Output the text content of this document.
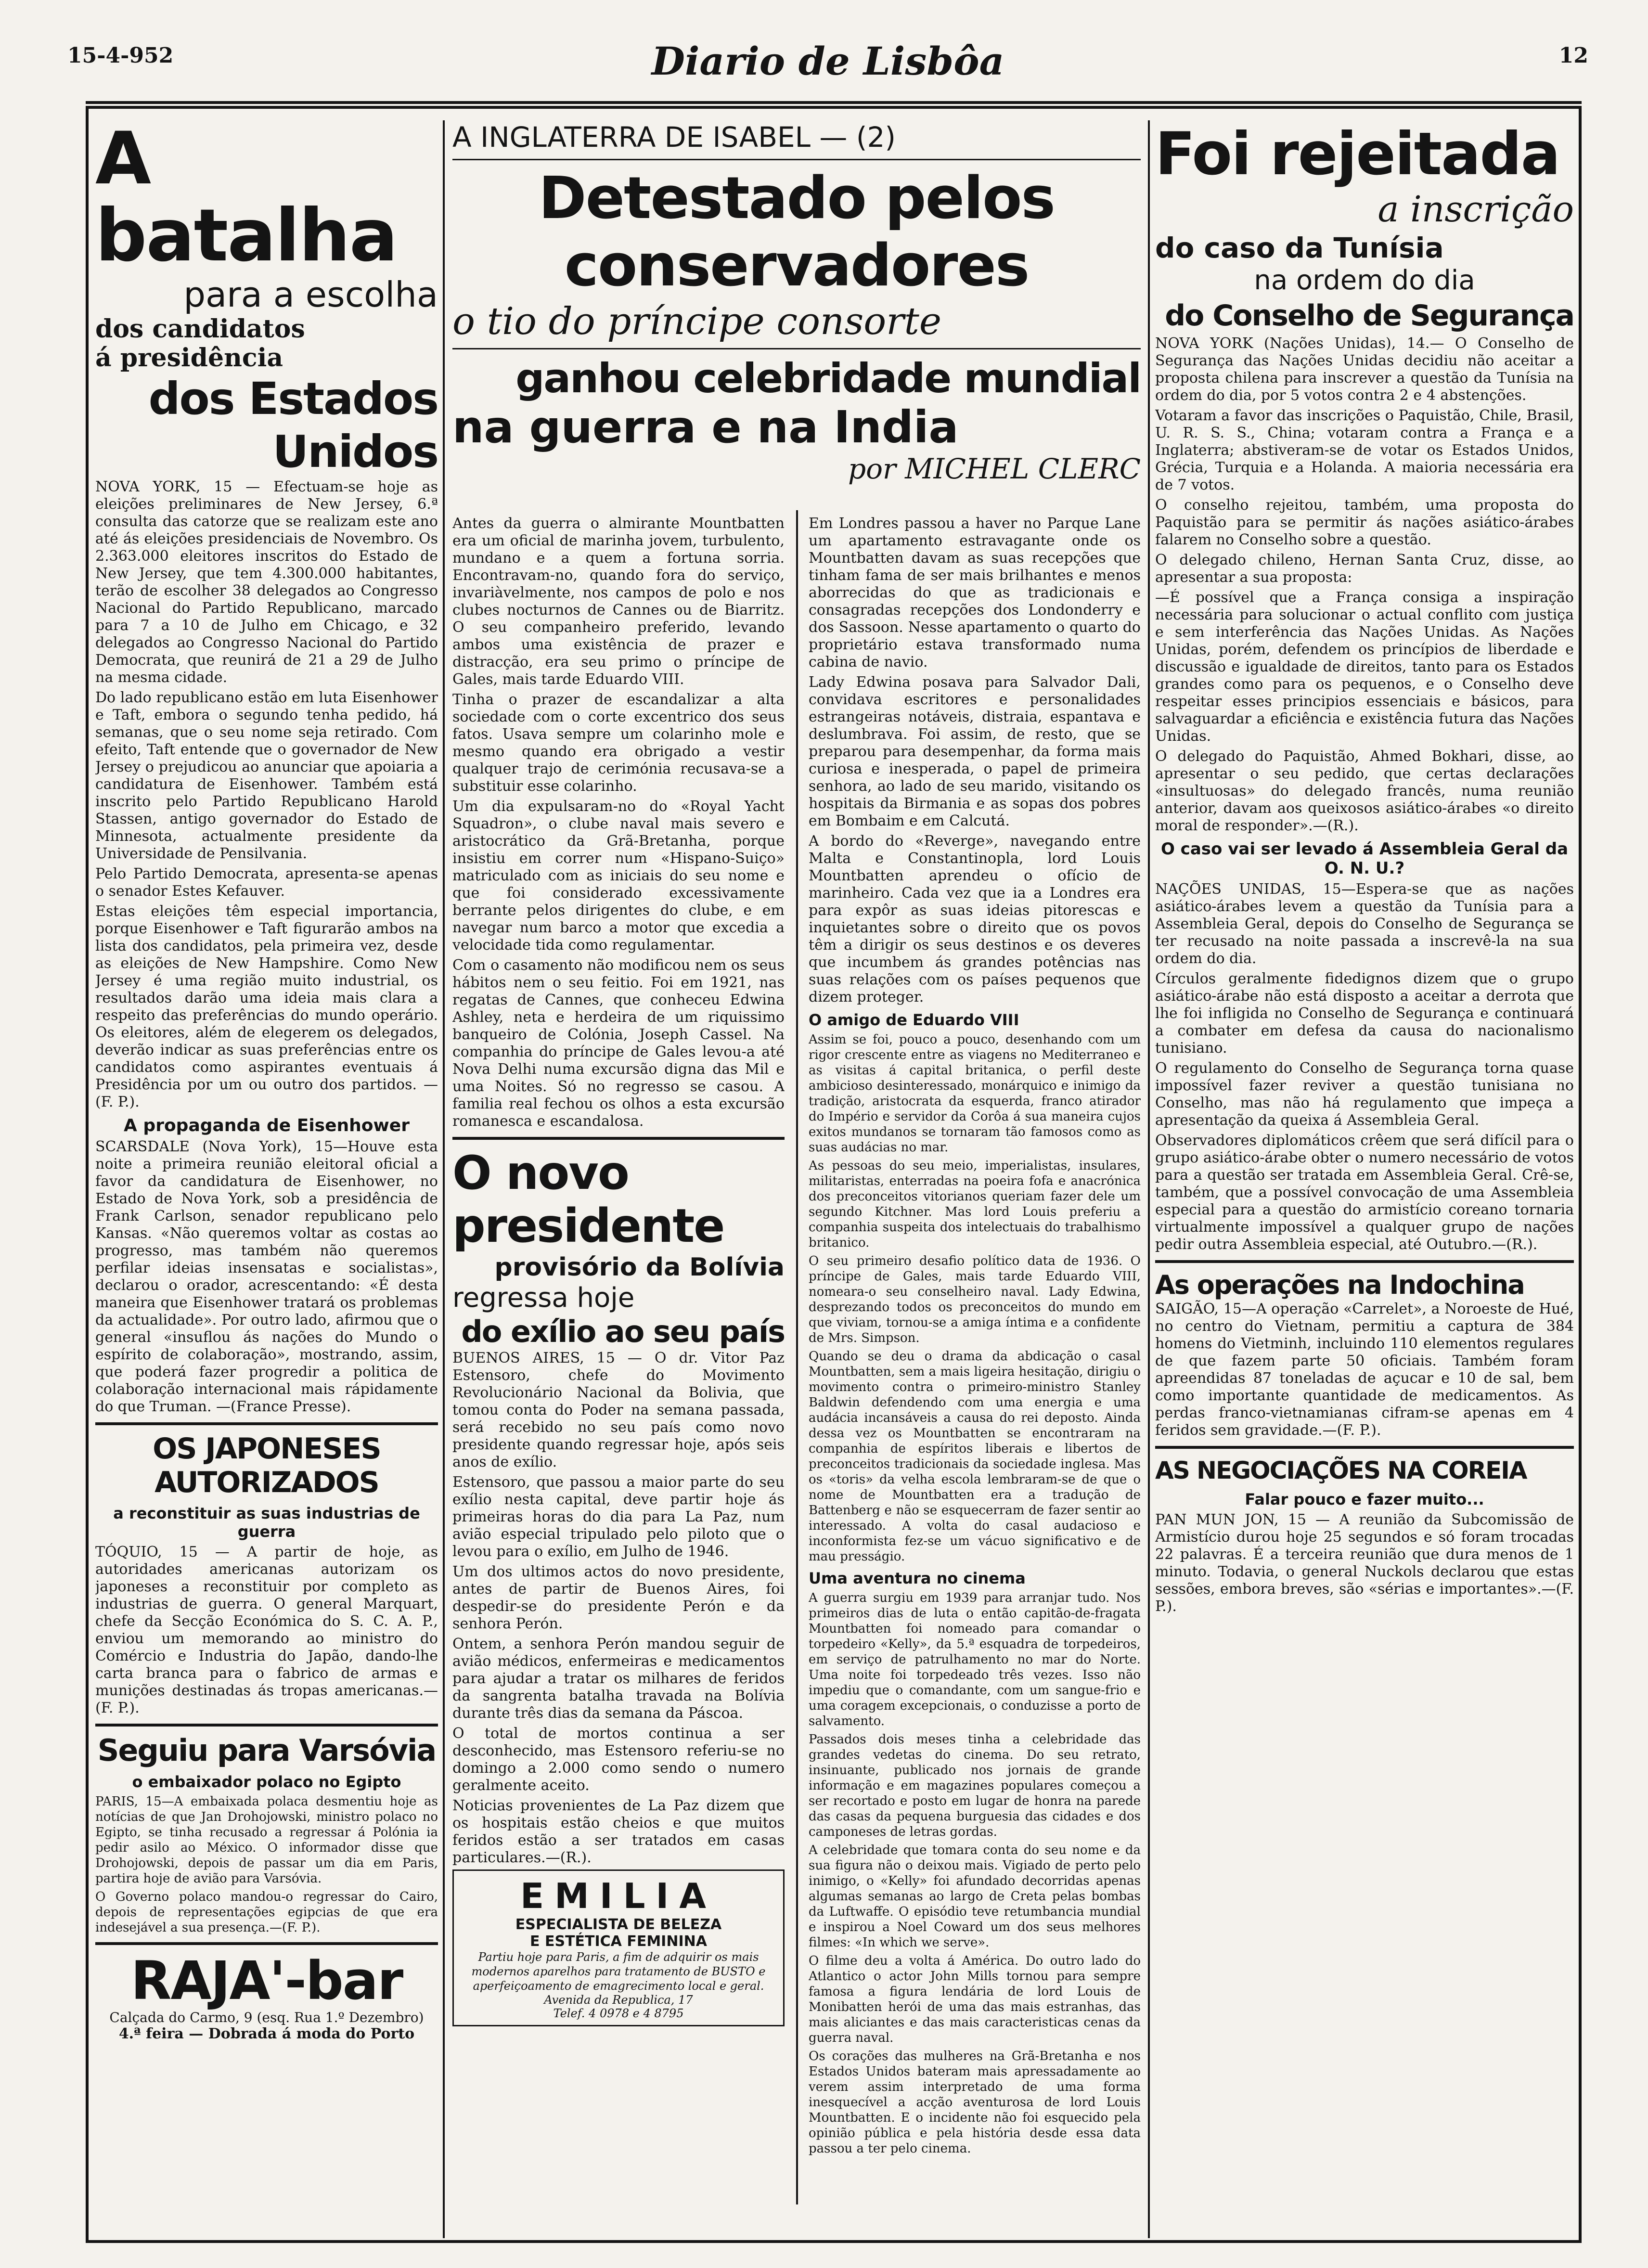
15-4-952	Diario de Lisbôa	12
A batalha
para a escolha
dos candidatos
á presidência
dos Estados Unidos

NOVA YORK, 15 — Efectuam-se hoje as eleições preliminares de New Jersey, 6.ª consulta das catorze que se realizam este ano até ás eleições presidenciais de Novembro. Os 2.363.000 eleitores inscritos do Estado de New Jersey, que tem 4.300.000 habitantes, terão de escolher 38 delegados ao Congresso Nacional do Partido Republicano, marcado para 7 a 10 de Julho em Chicago, e 32 delegados ao Congresso Nacional do Partido Democrata, que reunirá de 21 a 29 de Julho na mesma cidade.

Do lado republicano estão em luta Eisenhower e Taft, embora o segundo tenha pedido, há semanas, que o seu nome seja retirado. Com efeito, Taft entende que o governador de New Jersey o prejudicou ao anunciar que apoiaria a candidatura de Eisenhower. Também está inscrito pelo Partido Republicano Harold Stassen, antigo governador do Estado de Minnesota, actualmente presidente da Universidade de Pensilvania.

Pelo Partido Democrata, apresenta-se apenas o senador Estes Kefauver.

Estas eleições têm especial importancia, porque Eisenhower e Taft figurarão ambos na lista dos candidatos, pela primeira vez, desde as eleições de New Hampshire. Como New Jersey é uma região muito industrial, os resultados darão uma ideia mais clara a respeito das preferências do mundo operário. Os eleitores, além de elegerem os delegados, deverão indicar as suas preferências entre os candidatos como aspirantes eventuais á Presidência por um ou outro dos partidos. —(F. P.).

A propaganda de Eisenhower

SCARSDALE (Nova York), 15—Houve esta noite a primeira reunião eleitoral oficial a favor da candidatura de Eisenhower, no Estado de Nova York, sob a presidência de Frank Carlson, senador republicano pelo Kansas. «Não queremos voltar as costas ao progresso, mas também não queremos perfilar ideias insensatas e socialistas», declarou o orador, acrescentando: «É desta maneira que Eisenhower tratará os problemas da actualidade». Por outro lado, afirmou que o general «insuflou ás nações do Mundo o espírito de colaboração», mostrando, assim, que poderá fazer progredir a politica de colaboração internacional mais rápidamente do que Truman. —(France Presse).

OS JAPONESES AUTORIZADOS
a reconstituir as suas industrias de guerra

TÓQUIO, 15 — A partir de hoje, as autoridades americanas autorizam os japoneses a reconstituir por completo as industrias de guerra. O general Marquart, chefe da Secção Económica do S. C. A. P., enviou um memorando ao ministro do Comércio e Industria do Japão, dando-lhe carta branca para o fabrico de armas e munições destinadas ás tropas americanas.—(F. P.).

Seguiu para Varsóvia
o embaixador polaco no Egipto

PARIS, 15—A embaixada polaca desmentiu hoje as notícias de que Jan Drohojowski, ministro polaco no Egipto, se tinha recusado a regressar á Polónia ia pedir asilo ao México. O informador disse que Drohojowski, depois de passar um dia em Paris, partira hoje de avião para Varsóvia.

O Governo polaco mandou-o regressar do Cairo, depois de representações egipcias de que era indesejável a sua presença.—(F. P.).

RAJA'-bar
Calçada do Carmo, 9 (esq. Rua 1.º Dezembro)
4.ª feira — Dobrada á moda do Porto
A INGLATERRA DE ISABEL — (2)
Detestado pelos conservadores
o tio do príncipe consorte
ganhou celebridade mundial
na guerra e na India
por MICHEL CLERC

Antes da guerra o almirante Mountbatten era um oficial de marinha jovem, turbulento, mundano e a quem a fortuna sorria. Encontravam-no, quando fora do serviço, invariàvelmente, nos campos de polo e nos clubes nocturnos de Cannes ou de Biarritz. O seu companheiro preferido, levando ambos uma existência de prazer e distracção, era seu primo o príncipe de Gales, mais tarde Eduardo VIII.

Tinha o prazer de escandalizar a alta sociedade com o corte excentrico dos seus fatos. Usava sempre um colarinho mole e mesmo quando era obrigado a vestir qualquer trajo de cerimónia recusava-se a substituir esse colarinho.

Um dia expulsaram-no do «Royal Yacht Squadron», o clube naval mais severo e aristocrático da Grã-Bretanha, porque insistiu em correr num «Hispano-Suiço» matriculado com as iniciais do seu nome e que foi considerado excessivamente berrante pelos dirigentes do clube, e em navegar num barco a motor que excedia a velocidade tida como regulamentar.

Com o casamento não modificou nem os seus hábitos nem o seu feitio. Foi em 1921, nas regatas de Cannes, que conheceu Edwina Ashley, neta e herdeira de um riquissimo banqueiro de Colónia, Joseph Cassel. Na companhia do príncipe de Gales levou-a até Nova Delhi numa excursão digna das Mil e uma Noites. Só no regresso se casou. A familia real fechou os olhos a esta excursão romanesca e escandalosa.

O novo presidente
provisório da Bolívia
regressa hoje
do exílio ao seu país

BUENOS AIRES, 15 — O dr. Vitor Paz Estensoro, chefe do Movimento Revolucionário Nacional da Bolivia, que tomou conta do Poder na semana passada, será recebido no seu país como novo presidente quando regressar hoje, após seis anos de exílio.

Estensoro, que passou a maior parte do seu exílio nesta capital, deve partir hoje ás primeiras horas do dia para La Paz, num avião especial tripulado pelo piloto que o levou para o exílio, em Julho de 1946.

Um dos ultimos actos do novo presidente, antes de partir de Buenos Aires, foi despedir-se do presidente Perón e da senhora Perón.

Ontem, a senhora Perón mandou seguir de avião médicos, enfermeiras e medicamentos para ajudar a tratar os milhares de feridos da sangrenta batalha travada na Bolívia durante três dias da semana da Páscoa.

O total de mortos continua a ser desconhecido, mas Estensoro referiu-se no domingo a 2.000 como sendo o numero geralmente aceito.

Noticias provenientes de La Paz dizem que os hospitais estão cheios e que muitos feridos estão a ser tratados em casas particulares.—(R.).

EMILIA
ESPECIALISTA DE BELEZA
E ESTÉTICA FEMININA
Partiu hoje para Paris, a fim de adquirir os mais modernos aparelhos para tratamento de BUSTO e aperfeiçoamento de emagrecimento local e geral.
Avenida da Republica, 17
Telef. 4 0978 e 4 8795

Em Londres passou a haver no Parque Lane um apartamento estravagante onde os Mountbatten davam as suas recepções que tinham fama de ser mais brilhantes e menos aborrecidas do que as tradicionais e consagradas recepções dos Londonderry e dos Sassoon. Nesse apartamento o quarto do proprietário estava transformado numa cabina de navio.

Lady Edwina posava para Salvador Dali, convidava escritores e personalidades estrangeiras notáveis, distraia, espantava e deslumbrava. Foi assim, de resto, que se preparou para desempenhar, da forma mais curiosa e inesperada, o papel de primeira senhora, ao lado de seu marido, visitando os hospitais da Birmania e as sopas dos pobres em Bombaim e em Calcutá.

A bordo do «Reverge», navegando entre Malta e Constantinopla, lord Louis Mountbatten aprendeu o ofício de marinheiro. Cada vez que ia a Londres era para expôr as suas ideias pitorescas e inquietantes sobre o direito que os povos têm a dirigir os seus destinos e os deveres que incumbem ás grandes potências nas suas relações com os países pequenos que dizem proteger.

O amigo de Eduardo VIII

Assim se foi, pouco a pouco, desenhando com um rigor crescente entre as viagens no Mediterraneo e as visitas á capital britanica, o perfil deste ambicioso desinteressado, monárquico e inimigo da tradição, aristocrata da esquerda, franco atirador do Império e servidor da Corôa á sua maneira cujos exitos mundanos se tornaram tão famosos como as suas audácias no mar.

As pessoas do seu meio, imperialistas, insulares, militaristas, enterradas na poeira fofa e anacrónica dos preconceitos vitorianos queriam fazer dele um segundo Kitchner. Mas lord Louis preferiu a companhia suspeita dos intelectuais do trabalhismo britanico.

O seu primeiro desafio político data de 1936. O príncipe de Gales, mais tarde Eduardo VIII, nomeara-o seu conselheiro naval. Lady Edwina, desprezando todos os preconceitos do mundo em que viviam, tornou-se a amiga íntima e a confidente de Mrs. Simpson.

Quando se deu o drama da abdicação o casal Mountbatten, sem a mais ligeira hesitação, dirigiu o movimento contra o primeiro-ministro Stanley Baldwin defendendo com uma energia e uma audácia incansáveis a causa do rei deposto. Ainda dessa vez os Mountbatten se encontraram na companhia de espíritos liberais e libertos de preconceitos tradicionais da sociedade inglesa. Mas os «toris» da velha escola lembraram-se de que o nome de Mountbatten era a tradução de Battenberg e não se esquecerram de fazer sentir ao interessado. A volta do casal audacioso e inconformista fez-se um vácuo significativo e de mau presságio.

Uma aventura no cinema

A guerra surgiu em 1939 para arranjar tudo. Nos primeiros dias de luta o então capitão-de-fragata Mountbatten foi nomeado para comandar o torpedeiro «Kelly», da 5.ª esquadra de torpedeiros, em serviço de patrulhamento no mar do Norte. Uma noite foi torpedeado três vezes. Isso não impediu que o comandante, com um sangue-frio e uma coragem excepcionais, o conduzisse a porto de salvamento.

Passados dois meses tinha a celebridade das grandes vedetas do cinema. Do seu retrato, insinuante, publicado nos jornais de grande informação e em magazines populares começou a ser recortado e posto em lugar de honra na parede das casas da pequena burguesia das cidades e dos camponeses de letras gordas.

A celebridade que tomara conta do seu nome e da sua figura não o deixou mais. Vigiado de perto pelo inimigo, o «Kelly» foi afundado decorridas apenas algumas semanas ao largo de Creta pelas bombas da Luftwaffe. O episódio teve retumbancia mundial e inspirou a Noel Coward um dos seus melhores filmes: «In which we serve».

O filme deu a volta á América. Do outro lado do Atlantico o actor John Mills tornou para sempre famosa a figura lendária de lord Louis de Monibatten herói de uma das mais estranhas, das mais aliciantes e das mais caracteristicas cenas da guerra naval.

Os corações das mulheres na Grã-Bretanha e nos Estados Unidos bateram mais apressadamente ao verem assim interpretado de uma forma inesquecível a acção aventurosa de lord Louis Mountbatten. E o incidente não foi esquecido pela opinião pública e pela história desde essa data passou a ter pelo cinema.

Foi rejeitada
a inscrição
do caso da Tunísia
na ordem do dia
do Conselho de Segurança

NOVA YORK (Nações Unidas), 14.— O Conselho de Segurança das Nações Unidas decidiu não aceitar a proposta chilena para inscrever a questão da Tunísia na ordem do dia, por 5 votos contra 2 e 4 abstenções.

Votaram a favor das inscrições o Paquistão, Chile, Brasil, U. R. S. S., China; votaram contra a França e a Inglaterra; abstiveram-se de votar os Estados Unidos, Grécia, Turquia e a Holanda. A maioria necessária era de 7 votos.

O conselho rejeitou, também, uma proposta do Paquistão para se permitir ás nações asiático-árabes falarem no Conselho sobre a questão.

O delegado chileno, Hernan Santa Cruz, disse, ao apresentar a sua proposta:

—É possível que a França consiga a inspiração necessária para solucionar o actual conflito com justiça e sem interferência das Nações Unidas. As Nações Unidas, porém, defendem os princípios de liberdade e discussão e igualdade de direitos, tanto para os Estados grandes como para os pequenos, e o Conselho deve respeitar esses principios essenciais e básicos, para salvaguardar a eficiência e existência futura das Nações Unidas.

O delegado do Paquistão, Ahmed Bokhari, disse, ao apresentar o seu pedido, que certas declarações «insultuosas» do delegado francês, numa reunião anterior, davam aos queixosos asiático-árabes «o direito moral de responder».—(R.).

O caso vai ser levado á Assembleia Geral da O. N. U.?

NAÇÕES UNIDAS, 15—Espera-se que as nações asiático-árabes levem a questão da Tunísia para a Assembleia Geral, depois do Conselho de Segurança se ter recusado na noite passada a inscrevê-la na sua ordem do dia.

Círculos geralmente fidedignos dizem que o grupo asiático-árabe não está disposto a aceitar a derrota que lhe foi infligida no Conselho de Segurança e continuará a combater em defesa da causa do nacionalismo tunisiano.

O regulamento do Conselho de Segurança torna quase impossível fazer reviver a questão tunisiana no Conselho, mas não há regulamento que impeça a apresentação da queixa á Assembleia Geral.

Observadores diplomáticos crêem que será difícil para o grupo asiático-árabe obter o numero necessário de votos para a questão ser tratada em Assembleia Geral. Crê-se, também, que a possível convocação de uma Assembleia especial para a questão do armistício coreano tornaria virtualmente impossível a qualquer grupo de nações pedir outra Assembleia especial, até Outubro.—(R.).

As operações na Indochina

SAIGÃO, 15—A operação «Carrelet», a Noroeste de Hué, no centro do Vietnam, permitiu a captura de 384 homens do Vietminh, incluindo 110 elementos regulares de que fazem parte 50 oficiais. Também foram apreendidas 87 toneladas de açucar e 10 de sal, bem como importante quantidade de medicamentos. As perdas franco-vietnamianas cifram-se apenas em 4 feridos sem gravidade.—(F. P.).

AS NEGOCIAÇÕES NA COREIA
Falar pouco e fazer muito...

PAN MUN JON, 15 — A reunião da Subcomissão de Armistício durou hoje 25 segundos e só foram trocadas 22 palavras. É a terceira reunião que dura menos de 1 minuto. Todavia, o general Nuckols declarou que estas sessões, embora breves, são «sérias e importantes».—(F. P.).
